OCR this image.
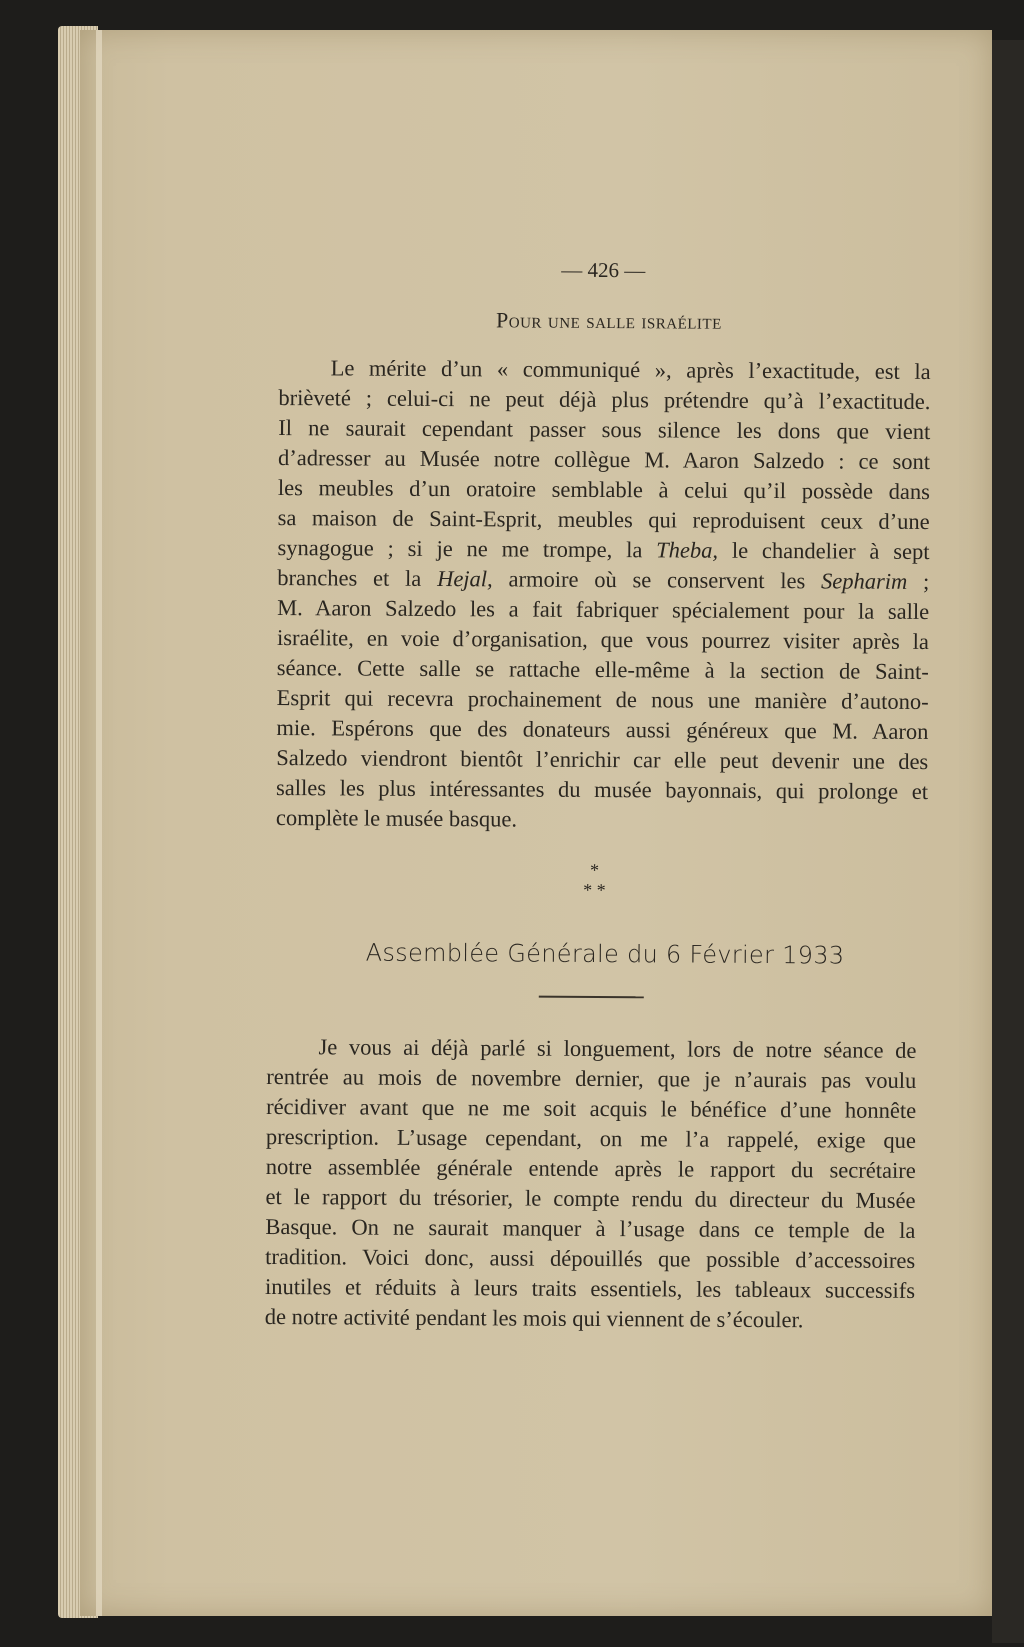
— 426 —
Pour une salle israélite
Le mérite d’un « communiqué », après l’exactitude, est la
brièveté ; celui-ci ne peut déjà plus prétendre qu’à l’exactitude.
Il ne saurait cependant passer sous silence les dons que vient
d’adresser au Musée notre collègue M. Aaron Salzedo : ce sont
les meubles d’un oratoire semblable à celui qu’il possède dans
sa maison de Saint-Esprit, meubles qui reproduisent ceux d’une
synagogue ; si je ne me trompe, la Theba, le chandelier à sept
branches et la Hejal, armoire où se conservent les Sepharim ;
M. Aaron Salzedo les a fait fabriquer spécialement pour la salle
israélite, en voie d’organisation, que vous pourrez visiter après la
séance. Cette salle se rattache elle-même à la section de Saint-
Esprit qui recevra prochainement de nous une manière d’autono-
mie. Espérons que des donateurs aussi généreux que M. Aaron
Salzedo viendront bientôt l’enrichir car elle peut devenir une des
salles les plus intéressantes du musée bayonnais, qui prolonge et
complète le musée basque.
*
* *
Assemblée Générale du 6 Février 1933
Je vous ai déjà parlé si longuement, lors de notre séance de
rentrée au mois de novembre dernier, que je n’aurais pas voulu
récidiver avant que ne me soit acquis le bénéfice d’une honnête
prescription. L’usage cependant, on me l’a rappelé, exige que
notre assemblée générale entende après le rapport du secrétaire
et le rapport du trésorier, le compte rendu du directeur du Musée
Basque. On ne saurait manquer à l’usage dans ce temple de la
tradition. Voici donc, aussi dépouillés que possible d’accessoires
inutiles et réduits à leurs traits essentiels, les tableaux successifs
de notre activité pendant les mois qui viennent de s’écouler.
